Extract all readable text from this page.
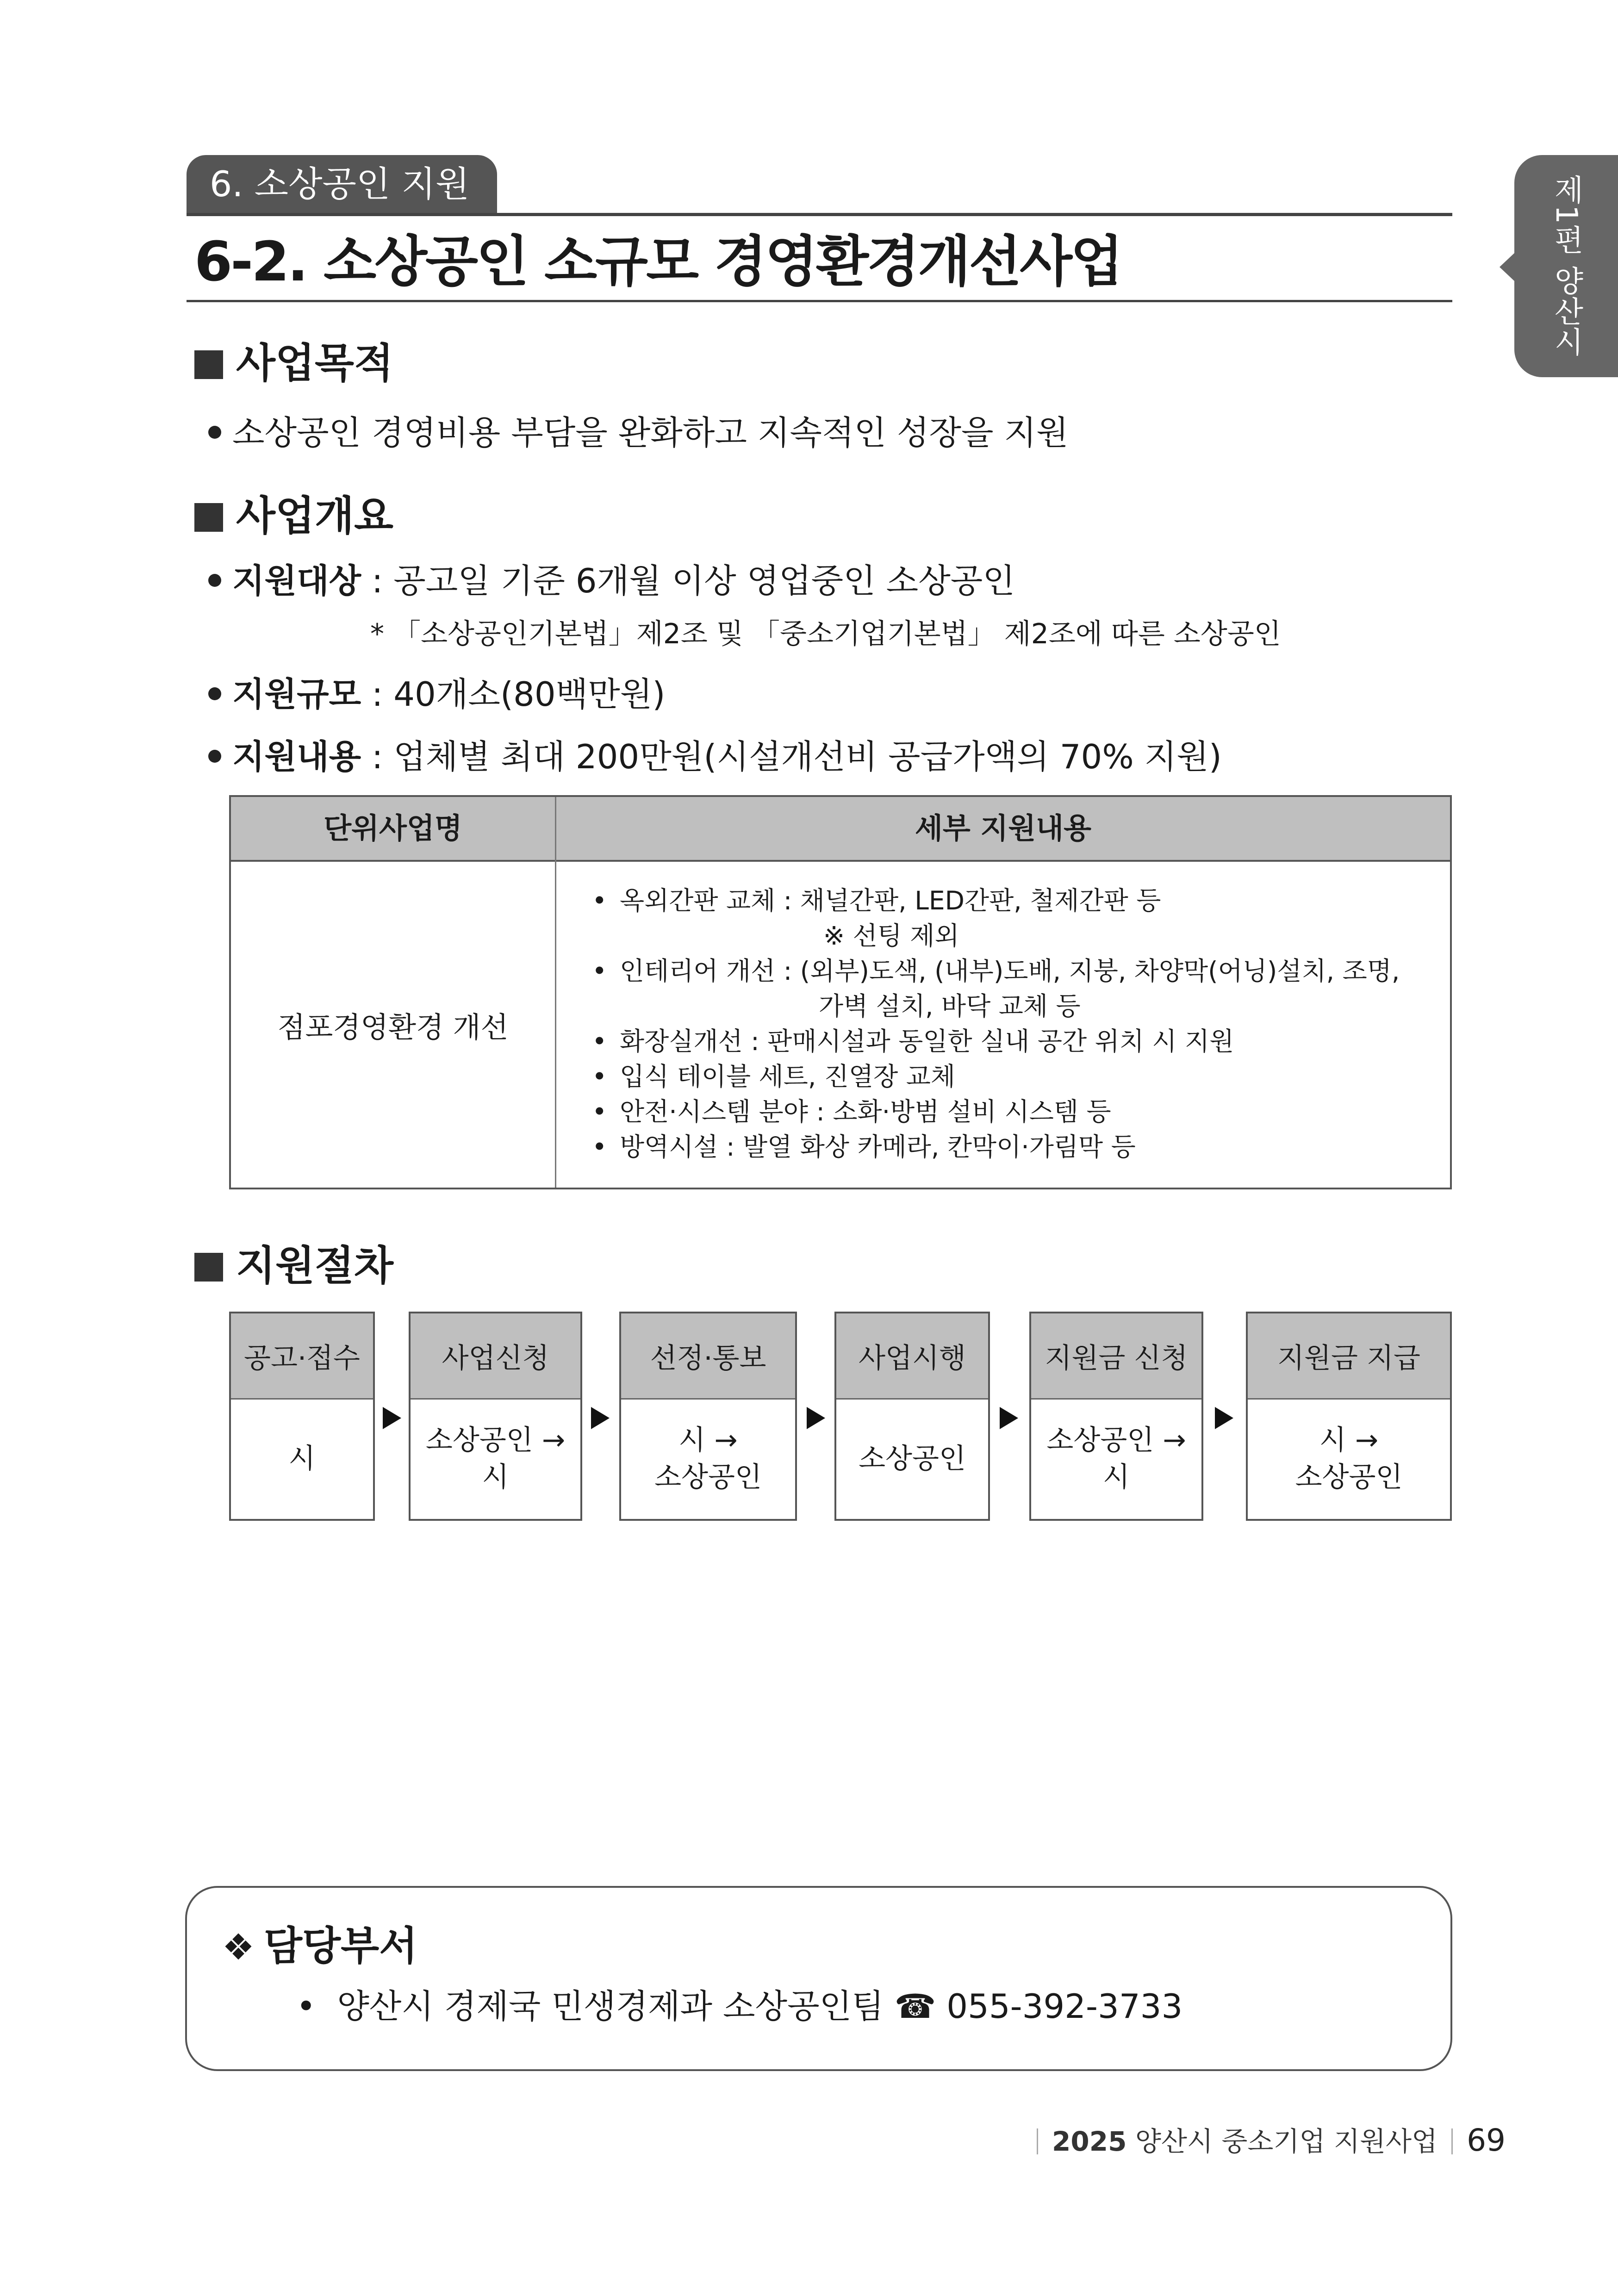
6. 소상공인 지원
6-2. 소상공인 소규모 경영환경개선사업	제1편 양산시
사업목적
소상공인 경영비용 부담을 완화하고 지속적인 성장을 지원
사업개요
지원대상 : 공고일 기준 6개월 이상 영업중인 소상공인
* 「소상공인기본법」제2조 및 「중소기업기본법」 제2조에 따른 소상공인
지원규모 : 40개소(80백만원)
지원내용 : 업체별 최대 200만원(시설개선비 공급가액의 70% 지원)
단위사업명	세부 지원내용
점포경영환경 개선
• 옥외간판 교체 : 채널간판, LED간판, 철제간판 등
※ 선팅 제외
• 인테리어 개선 : (외부)도색, (내부)도배, 지붕, 차양막(어닝)설치, 조명,
가벽 설치, 바닥 교체 등
• 화장실개선 : 판매시설과 동일한 실내 공간 위치 시 지원
• 입식 테이블 세트, 진열장 교체
• 안전·시스템 분야 : 소화·방범 설비 시스템 등
• 방역시설 : 발열 화상 카메라, 칸막이·가림막 등
지원절차
공고·접수
시
사업신청
소상공인 →
시
선정·통보
시 →
소상공인
사업시행
소상공인
지원금 신청
소상공인 →
시
지원금 지급
시 →
소상공인
❖ 담당부서
• 양산시 경제국 민생경제과 소상공인팀 ☎ 055-392-3733
2025 양산시 중소기업 지원사업 69
